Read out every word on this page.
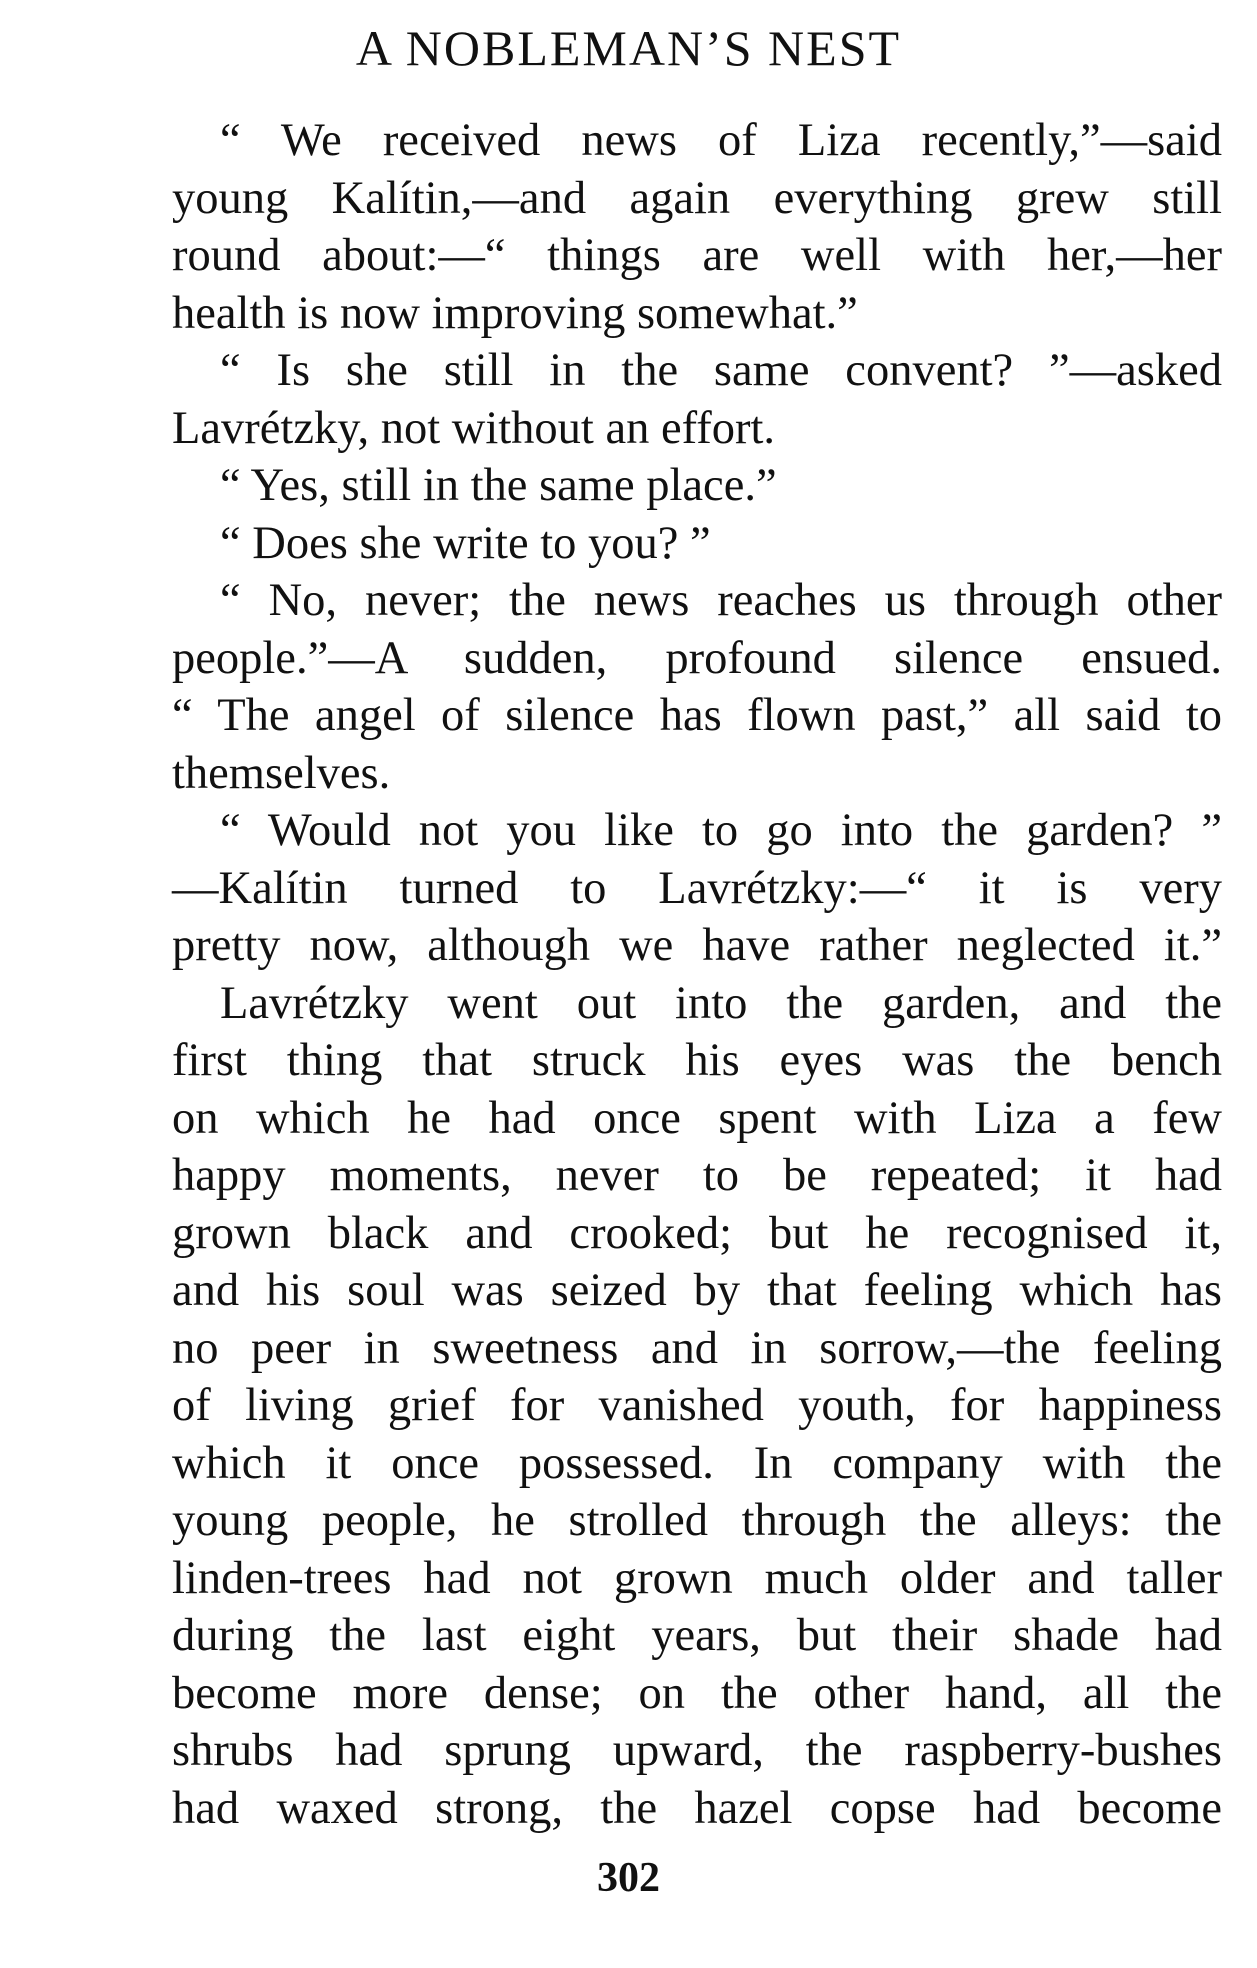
A NOBLEMAN’S NEST
“ We received news of Liza recently,”—said
young Kalítin,—and again everything grew still
round about:—“ things are well with her,—her
health is now improving somewhat.”
“ Is she still in the same convent? ”—asked
Lavrétzky, not without an effort.
“ Yes, still in the same place.”
“ Does she write to you? ”
“ No, never; the news reaches us through other
people.”—A sudden, profound silence ensued.
“ The angel of silence has flown past,” all said to
themselves.
“ Would not you like to go into the garden? ”
—Kalítin turned to Lavrétzky:—“ it is very
pretty now, although we have rather neglected it.”
Lavrétzky went out into the garden, and the
first thing that struck his eyes was the bench
on which he had once spent with Liza a few
happy moments, never to be repeated; it had
grown black and crooked; but he recognised it,
and his soul was seized by that feeling which has
no peer in sweetness and in sorrow,—the feeling
of living grief for vanished youth, for happiness
which it once possessed. In company with the
young people, he strolled through the alleys: the
linden-trees had not grown much older and taller
during the last eight years, but their shade had
become more dense; on the other hand, all the
shrubs had sprung upward, the raspberry-bushes
had waxed strong, the hazel copse had become
302
